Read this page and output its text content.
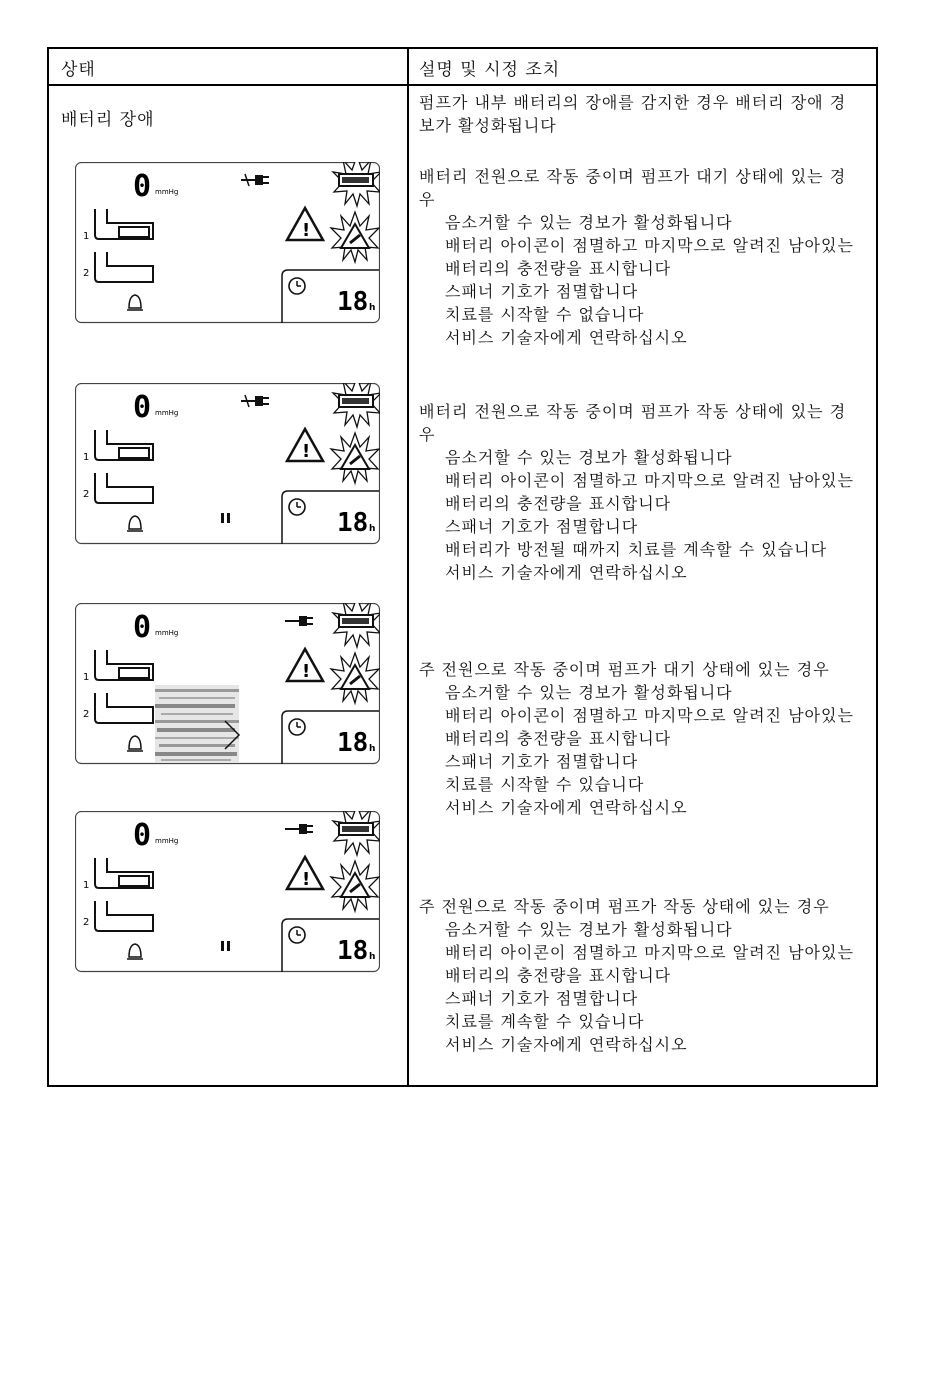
상태	설명 및 시정 조치
배터리 장애
0 mmHg
1
2
!
18 h
0 mmHg
1
2
!
18 h
0 mmHg
1
2
!
18 h
0 mmHg
1
2
!
18 h

펌프가 내부 배터리의 장애를 감지한 경우 배터리 장애 경보가 활성화됩니다

배터리 전원으로 작동 중이며 펌프가 대기 상태에 있는 경우

음소거할 수 있는 경보가 활성화됩니다

배터리 아이콘이 점멸하고 마지막으로 알려진 남아있는 배터리의 충전량을 표시합니다

스패너 기호가 점멸합니다

치료를 시작할 수 없습니다

서비스 기술자에게 연락하십시오

배터리 전원으로 작동 중이며 펌프가 작동 상태에 있는 경우

음소거할 수 있는 경보가 활성화됩니다

배터리 아이콘이 점멸하고 마지막으로 알려진 남아있는 배터리의 충전량을 표시합니다

스패너 기호가 점멸합니다

배터리가 방전될 때까지 치료를 계속할 수 있습니다

서비스 기술자에게 연락하십시오

주 전원으로 작동 중이며 펌프가 대기 상태에 있는 경우

음소거할 수 있는 경보가 활성화됩니다

배터리 아이콘이 점멸하고 마지막으로 알려진 남아있는 배터리의 충전량을 표시합니다

스패너 기호가 점멸합니다

치료를 시작할 수 있습니다

서비스 기술자에게 연락하십시오

주 전원으로 작동 중이며 펌프가 작동 상태에 있는 경우

음소거할 수 있는 경보가 활성화됩니다

배터리 아이콘이 점멸하고 마지막으로 알려진 남아있는 배터리의 충전량을 표시합니다

스패너 기호가 점멸합니다

치료를 계속할 수 있습니다

서비스 기술자에게 연락하십시오
